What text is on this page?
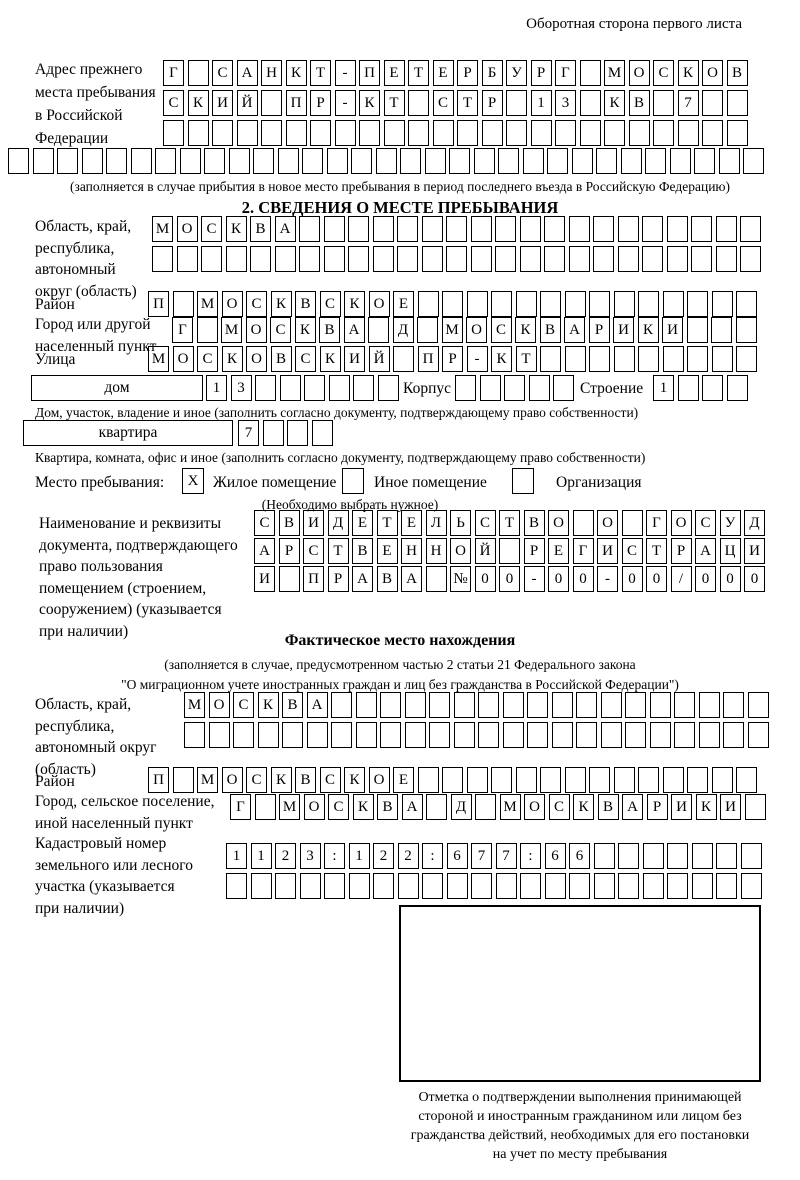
Оборотная сторона первого листа
Адрес прежнего
места пребывания
в Российской
Федерации
Г	С А Н К Т	-	П Е	Т	Е	Р	Б У	Р	Г	М О С К О В
С К И Й	П Р	-	К Т	С Т	Р	1	3	К В	7
(заполняется в случае прибытия в новое место пребывания в период последнего въезда в Российскую Федерацию)
2. СВЕДЕНИЯ О МЕСТЕ ПРЕБЫВАНИЯ
Область, край,
республика,
автономный
округ (область)
М О С К В А
Район	П	М О С К В С К О Е
Город или другой
населенный пункт
Г	М О С К В А	Д	М О С К В А Р И К И
Улица	М О С К О В С К И Й	П Р	-	К Т
дом	1	3	Корпус	Строение	1
Дом, участок, владение и иное (заполнить согласно документу, подтверждающему право собственности)
квартира	7
Квартира, комната, офис и иное (заполнить согласно документу, подтверждающему право собственности)
Место пребывания:	X Жилое помещение Иное помещение	Организация
(Необходимо выбрать нужное)
Наименование и реквизиты
документа, подтверждающего
право пользования
помещением (строением,
сооружением) (указывается
при наличии)
С В И Д Е	Т	Е Л	Ь	С Т В О	О	Г О С У Д
А Р	С Т В Е Н Н О Й	Р	Е	Г И С Т	Р А Ц И
И	П Р А В А	№ 0	0	-	0	0	-	0	0	/	0	0	0
Фактическое место нахождения
(заполняется в случае, предусмотренном частью 2 статьи 21 Федерального закона
"О миграционном учете иностранных граждан и лиц без гражданства в Российской Федерации")
Область, край,
республика,
автономный округ
(область)
М О С К В А
Район	П	М О С К В С К О Е
Город, сельское поселение,
иной населенный пункт
Г	М О С К В А	Д	М О С К В А Р И К И
Кадастровый номер
земельного или лесного
участка (указывается
при наличии)
1	1	2	3	:	1	2	2	:	6	7	7	:	6	6
Отметка о подтверждении выполнения принимающей
стороной и иностранным гражданином или лицом без
гражданства действий, необходимых для его постановки
на учет по месту пребывания
